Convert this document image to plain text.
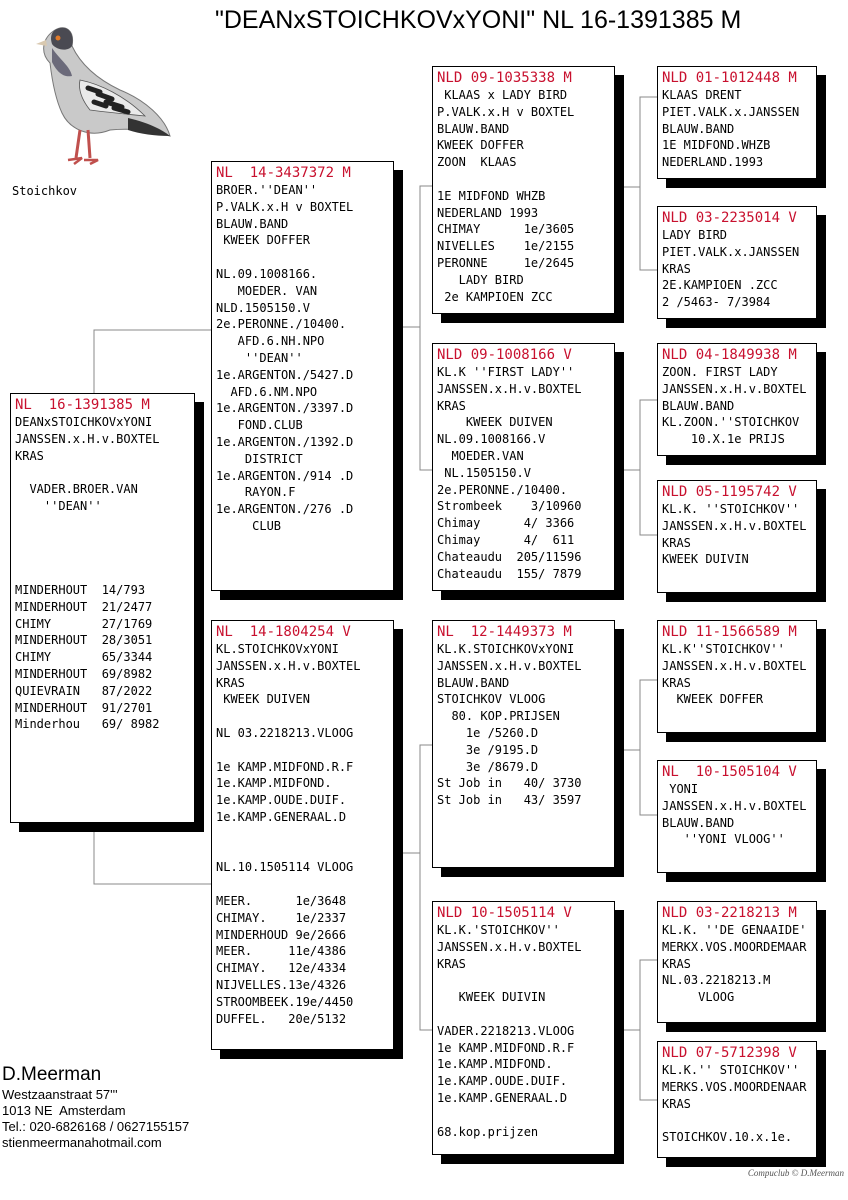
"DEANxSTOICHKOVxYONI" NL 16-1391385 M
Stoichkov
NL  16-1391385 M
DEANxSTOICHKOVxYONI
JANSSEN.x.H.v.BOXTEL
KRAS
VADER.BROER.VAN
''DEAN''
MINDERHOUT  14/793
MINDERHOUT  21/2477
CHIMY       27/1769
MINDERHOUT  28/3051
CHIMY       65/3344
MINDERHOUT  69/8982
QUIEVRAIN   87/2022
MINDERHOUT  91/2701
Minderhou   69/ 8982
NL  14-3437372 M
BROER.''DEAN''
P.VALK.x.H v BOXTEL
BLAUW.BAND
KWEEK DOFFER
NL.09.1008166.
MOEDER. VAN
NLD.1505150.V
2e.PERONNE./10400.
AFD.6.NH.NPO
''DEAN''
1e.ARGENTON./5427.D
AFD.6.NM.NPO
1e.ARGENTON./3397.D
FOND.CLUB
1e.ARGENTON./1392.D
DISTRICT
1e.ARGENTON./914 .D
RAYON.F
1e.ARGENTON./276 .D
CLUB
NL  14-1804254 V
KL.STOICHKOVxYONI
JANSSEN.x.H.v.BOXTEL
KRAS
KWEEK DUIVEN
NL 03.2218213.VLOOG
1e KAMP.MIDFOND.R.F
1e.KAMP.MIDFOND.
1e.KAMP.OUDE.DUIF.
1e.KAMP.GENERAAL.D
NL.10.1505114 VLOOG
MEER.      1e/3648
CHIMAY.    1e/2337
MINDERHOUD 9e/2666
MEER.     11e/4386
CHIMAY.   12e/4334
NIJVELLES.13e/4326
STROOMBEEK.19e/4450
DUFFEL.   20e/5132
NLD 09-1035338 M
KLAAS x LADY BIRD
P.VALK.x.H v BOXTEL
BLAUW.BAND
KWEEK DOFFER
ZOON  KLAAS
1E MIDFOND WHZB
NEDERLAND 1993
CHIMAY      1e/3605
NIVELLES    1e/2155
PERONNE     1e/2645
LADY BIRD
2e KAMPIOEN ZCC
NLD 09-1008166 V
KL.K ''FIRST LADY''
JANSSEN.x.H.v.BOXTEL
KRAS
KWEEK DUIVEN
NL.09.1008166.V
MOEDER.VAN
NL.1505150.V
2e.PERONNE./10400.
Strombeek    3/10960
Chimay      4/ 3366
Chimay      4/  611
Chateaudu  205/11596
Chateaudu  155/ 7879
NL  12-1449373 M
KL.K.STOICHKOVxYONI
JANSSEN.x.H.v.BOXTEL
BLAUW.BAND
STOICHKOV VLOOG
80. KOP.PRIJSEN
1e /5260.D
3e /9195.D
3e /8679.D
St Job in   40/ 3730
St Job in   43/ 3597
NLD 10-1505114 V
KL.K.'STOICHKOV''
JANSSEN.x.H.v.BOXTEL
KRAS
KWEEK DUIVIN
VADER.2218213.VLOOG
1e KAMP.MIDFOND.R.F
1e.KAMP.MIDFOND.
1e.KAMP.OUDE.DUIF.
1e.KAMP.GENERAAL.D
68.kop.prijzen
NLD 01-1012448 M
KLAAS DRENT
PIET.VALK.x.JANSSEN
BLAUW.BAND
1E MIDFOND.WHZB
NEDERLAND.1993
NLD 03-2235014 V
LADY BIRD
PIET.VALK.x.JANSSEN
KRAS
2E.KAMPIOEN .ZCC
2 /5463- 7/3984
NLD 04-1849938 M
ZOON. FIRST LADY
JANSSEN.x.H.v.BOXTEL
BLAUW.BAND
KL.ZOON.''STOICHKOV
10.X.1e PRIJS
NLD 05-1195742 V
KL.K. ''STOICHKOV''
JANSSEN.x.H.v.BOXTEL
KRAS
KWEEK DUIVIN
NLD 11-1566589 M
KL.K''STOICHKOV''
JANSSEN.x.H.v.BOXTEL
KRAS
KWEEK DOFFER
NL  10-1505104 V
YONI
JANSSEN.x.H.v.BOXTEL
BLAUW.BAND
''YONI VLOOG''
NLD 03-2218213 M
KL.K. ''DE GENAAIDE'
MERKX.VOS.MOORDEMAAR
KRAS
NL.03.2218213.M
VLOOG
NLD 07-5712398 V
KL.K.'' STOICHKOV''
MERKS.VOS.MOORDENAAR
KRAS
STOICHKOV.10.x.1e.
D.Meerman
Westzaanstraat 57'''
1013 NE  Amsterdam
Tel.: 020-6826168 / 0627155157
stienmeermanahotmail.com
Compuclub © D.Meerman
